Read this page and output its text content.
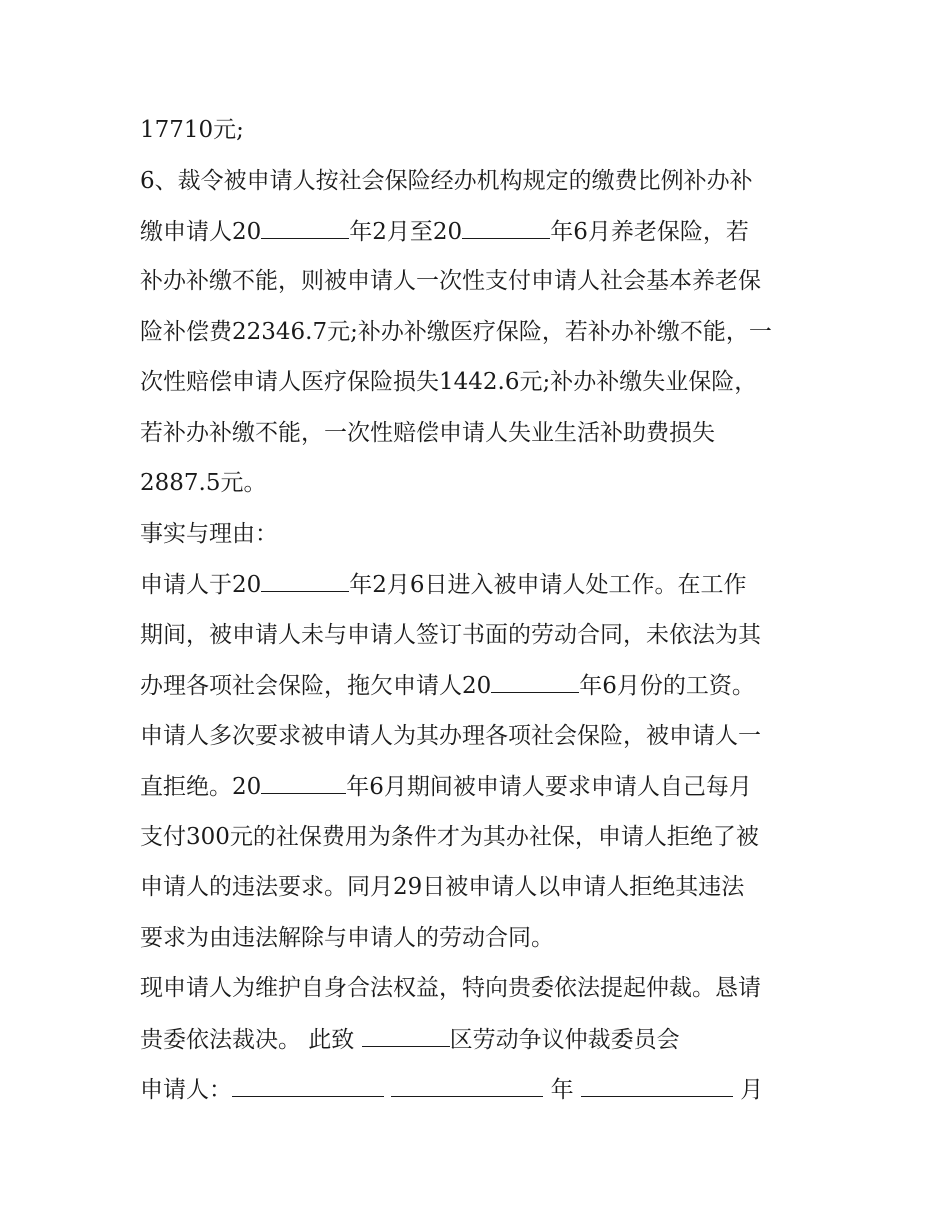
17710元;
6、裁令被申请人按社会保险经办机构规定的缴费比例补办补
缴申请人20	年2月至20	年6月养老保险，若
补办补缴不能，则被申请人一次性支付申请人社会基本养老保
险补偿费22346.7元;补办补缴医疗保险，若补办补缴不能，一
次性赔偿申请人医疗保险损失1442.6元;补办补缴失业保险，
若补办补缴不能，一次性赔偿申请人失业生活补助费损失
2887.5元。
事实与理由：
申请人于20	年2月6日进入被申请人处工作。在工作
期间，被申请人未与申请人签订书面的劳动合同，未依法为其
办理各项社会保险，拖欠申请人20	年6月份的工资。
申请人多次要求被申请人为其办理各项社会保险，被申请人一
直拒绝。20	年6月期间被申请人要求申请人自己每月
支付300元的社保费用为条件才为其办社保，申请人拒绝了被
申请人的违法要求。同月29日被申请人以申请人拒绝其违法
要求为由违法解除与申请人的劳动合同。
现申请人为维护自身合法权益，特向贵委依法提起仲裁。恳请
贵委依法裁决。 此致	区劳动争议仲裁委员会
申请人：	年	月
